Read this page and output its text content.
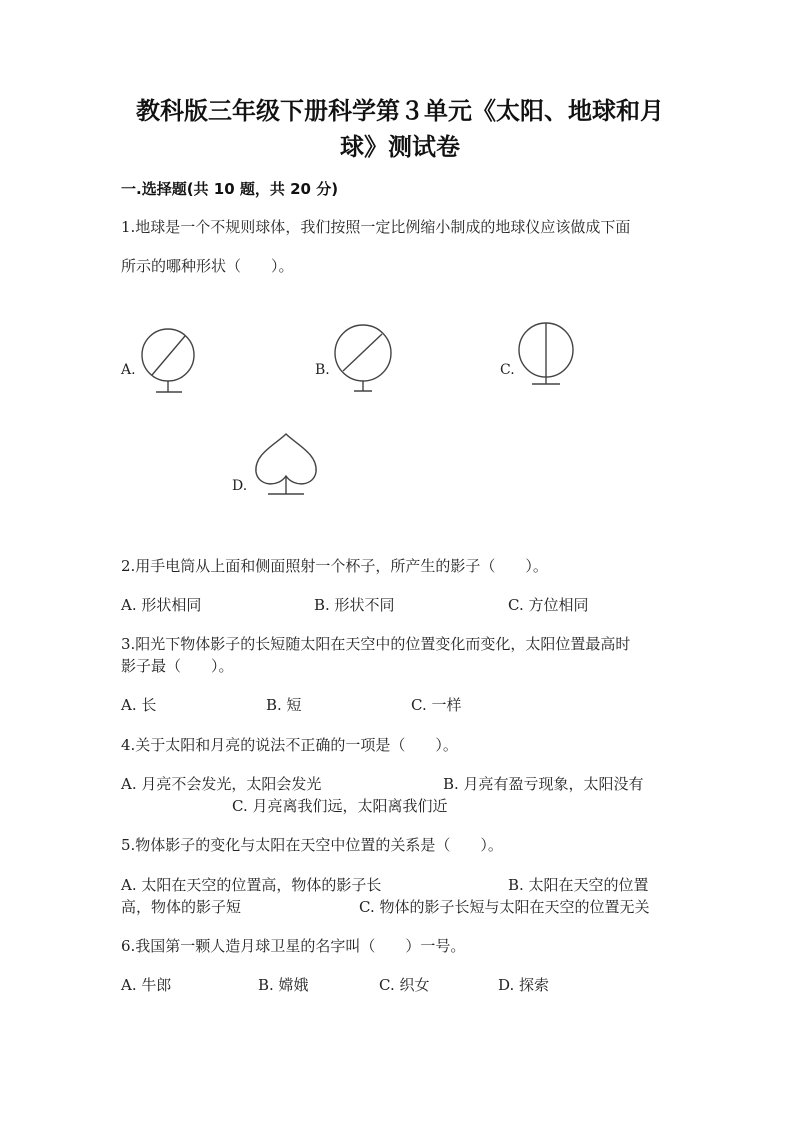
教科版三年级下册科学第３单元《太阳、地球和月
球》测试卷
一.选择题(共 10 题，共 20 分)
1.地球是一个不规则球体，我们按照一定比例缩小制成的地球仪应该做成下面
所示的哪种形状（　　）。
A.	B.	C.
D.
2.用手电筒从上面和侧面照射一个杯子，所产生的影子（　　）。
A. 形状相同	B. 形状不同	C. 方位相同
3.阳光下物体影子的长短随太阳在天空中的位置变化而变化，太阳位置最高时
影子最（　　）。
A. 长	B. 短	C. 一样
4.关于太阳和月亮的说法不正确的一项是（　　）。
A. 月亮不会发光，太阳会发光	B. 月亮有盈亏现象，太阳没有
C. 月亮离我们远，太阳离我们近
5.物体影子的变化与太阳在天空中位置的关系是（　　）。
A. 太阳在天空的位置高，物体的影子长	B. 太阳在天空的位置
高，物体的影子短	C. 物体的影子长短与太阳在天空的位置无关
6.我国第一颗人造月球卫星的名字叫（　　）一号。
A. 牛郎	B. 嫦娥	C. 织女	D. 探索
